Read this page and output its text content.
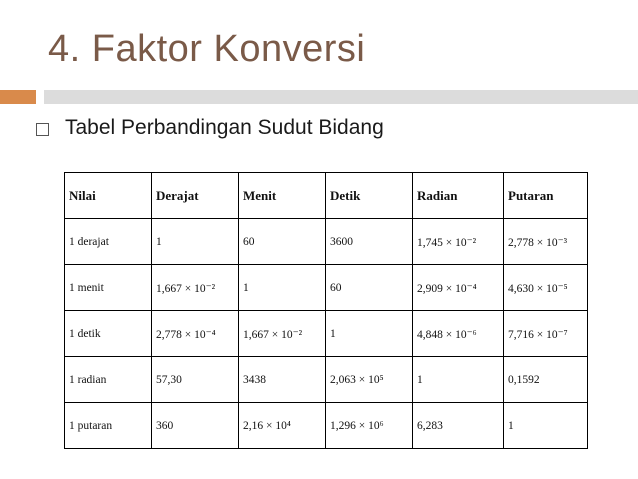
4. Faktor Konversi
Tabel Perbandingan Sudut Bidang
Nilai	Derajat	Menit	Detik	Radian	Putaran
1 derajat	1	60	3600	1,745 × 10⁻²	2,778 × 10⁻³
1 menit	1,667 × 10⁻²	1	60	2,909 × 10⁻⁴	4,630 × 10⁻⁵
1 detik	2,778 × 10⁻⁴	1,667 × 10⁻²	1	4,848 × 10⁻⁶	7,716 × 10⁻⁷
1 radian	57,30	3438	2,063 × 10⁵	1	0,1592
1 putaran	360	2,16 × 10⁴	1,296 × 10⁶	6,283	1
